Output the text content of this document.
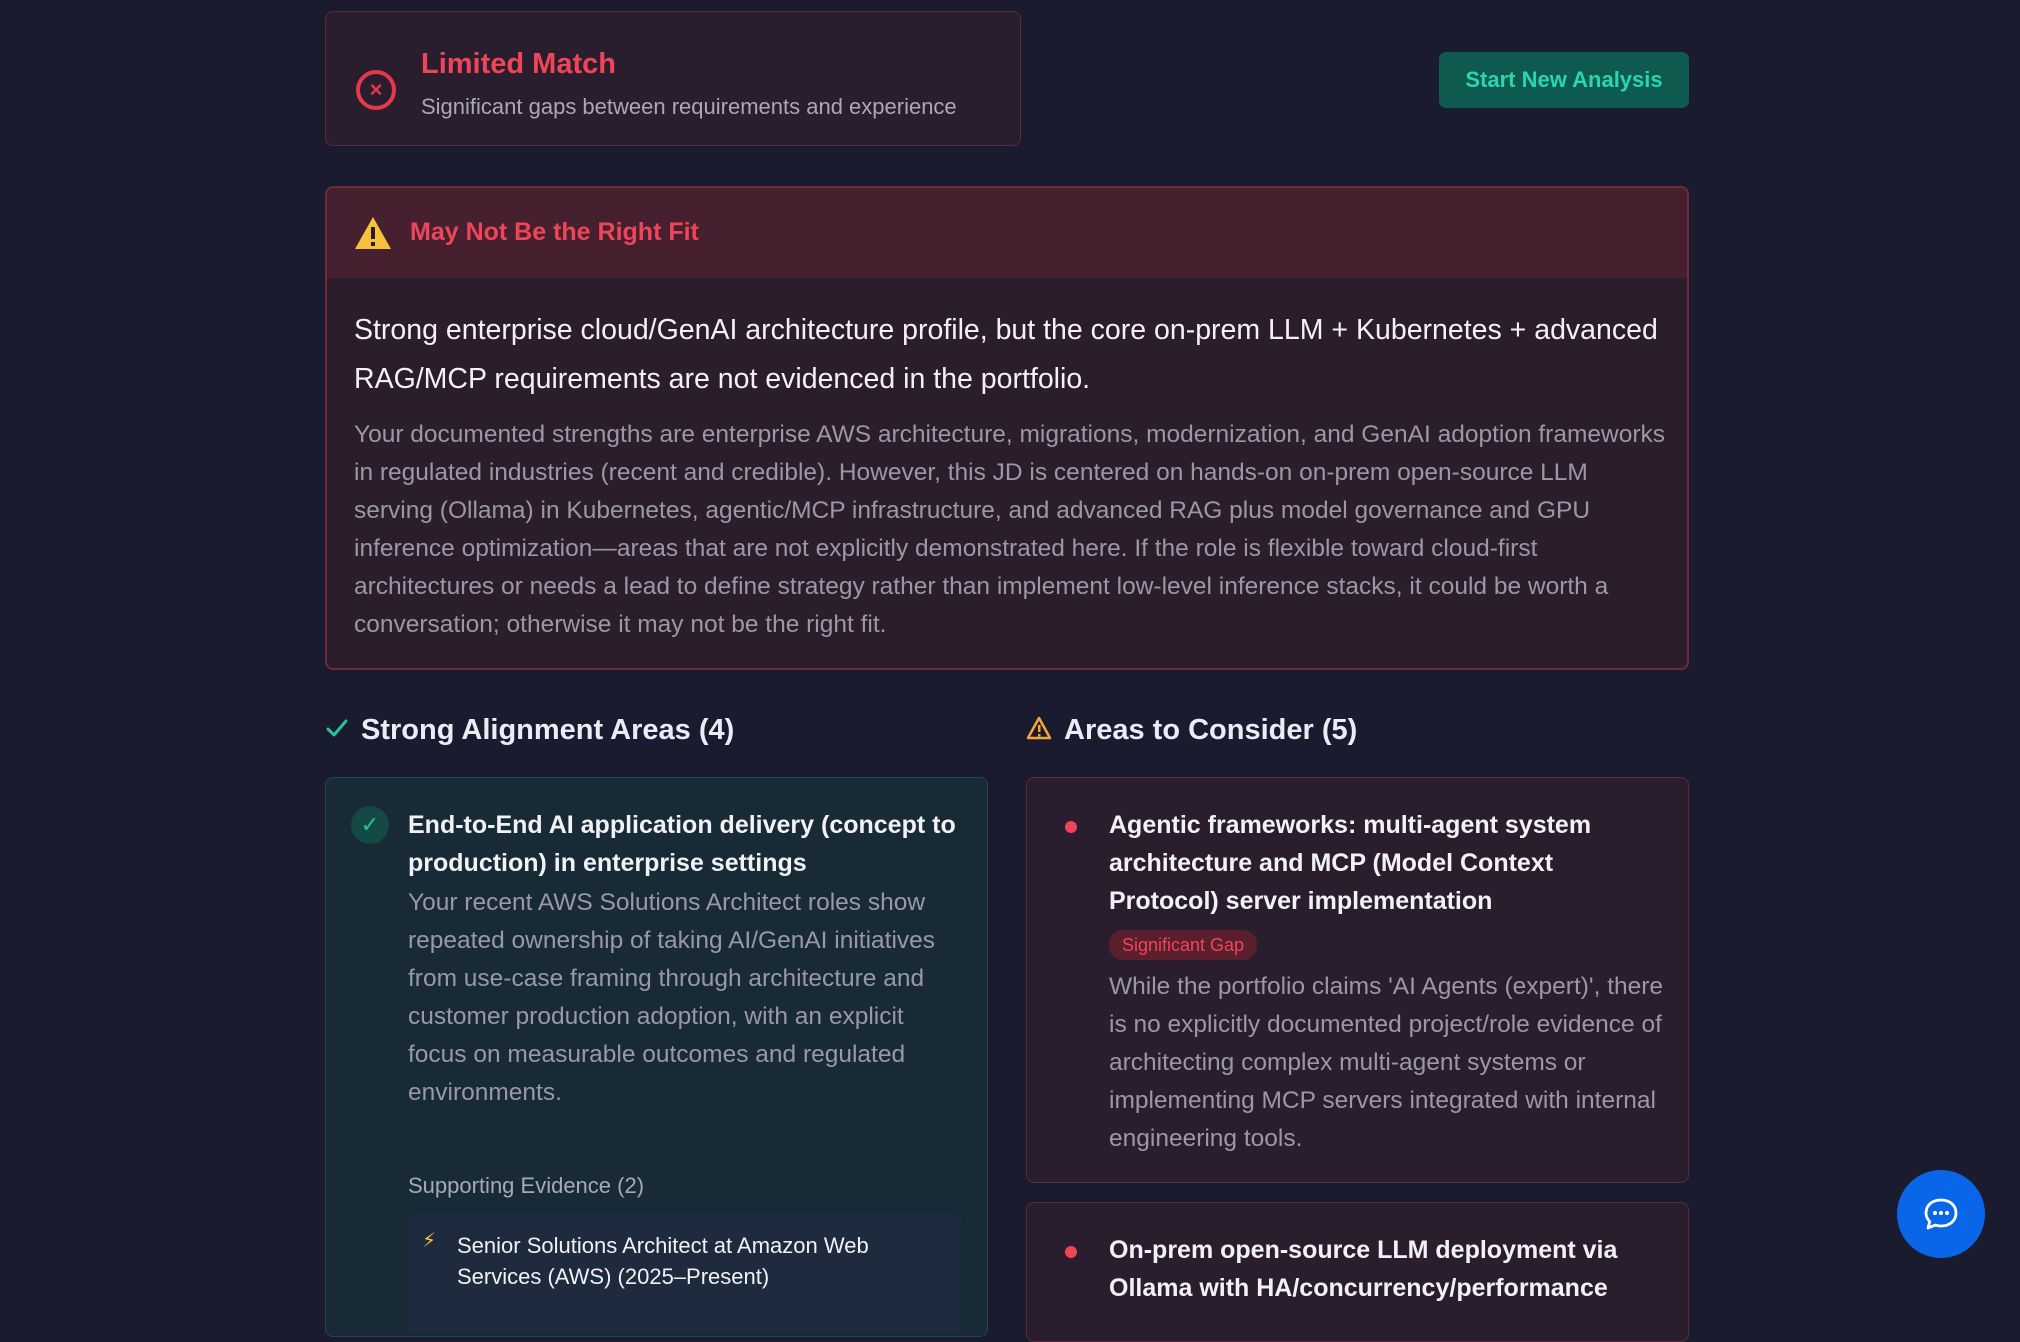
×
Limited Match
Significant gaps between requirements and experience
Start New Analysis
May Not Be the Right Fit
Strong enterprise cloud/GenAI architecture profile, but the core on-prem LLM + Kubernetes + advanced RAG/MCP requirements are not evidenced in the portfolio.
Your documented strengths are enterprise AWS architecture, migrations, modernization, and GenAI adoption frameworks in regulated industries (recent and credible). However, this JD is centered on hands-on on-prem open-source LLM serving (Ollama) in Kubernetes, agentic/MCP infrastructure, and advanced RAG plus model governance and GPU inference optimization—areas that are not explicitly demonstrated here. If the role is flexible toward cloud-first architectures or needs a lead to define strategy rather than implement low-level inference stacks, it could be worth a conversation; otherwise it may not be the right fit.
Strong Alignment Areas (4)	Areas to Consider (5)
✓	End-to-End AI application delivery (concept to production) in enterprise settings
Your recent AWS Solutions Architect roles show repeated ownership of taking AI/GenAI initiatives from use-case framing through architecture and customer production adoption, with an explicit focus on measurable outcomes and regulated environments.
Supporting Evidence (2)
⚡ Senior Solutions Architect at Amazon Web Services (AWS) (2025–Present)
Agentic frameworks: multi-agent system architecture and MCP (Model Context Protocol) server implementation
Significant Gap
While the portfolio claims 'AI Agents (expert)', there is no explicitly documented project/role evidence of architecting complex multi-agent systems or implementing MCP servers integrated with internal engineering tools.
On-prem open-source LLM deployment via Ollama with HA/concurrency/performance
